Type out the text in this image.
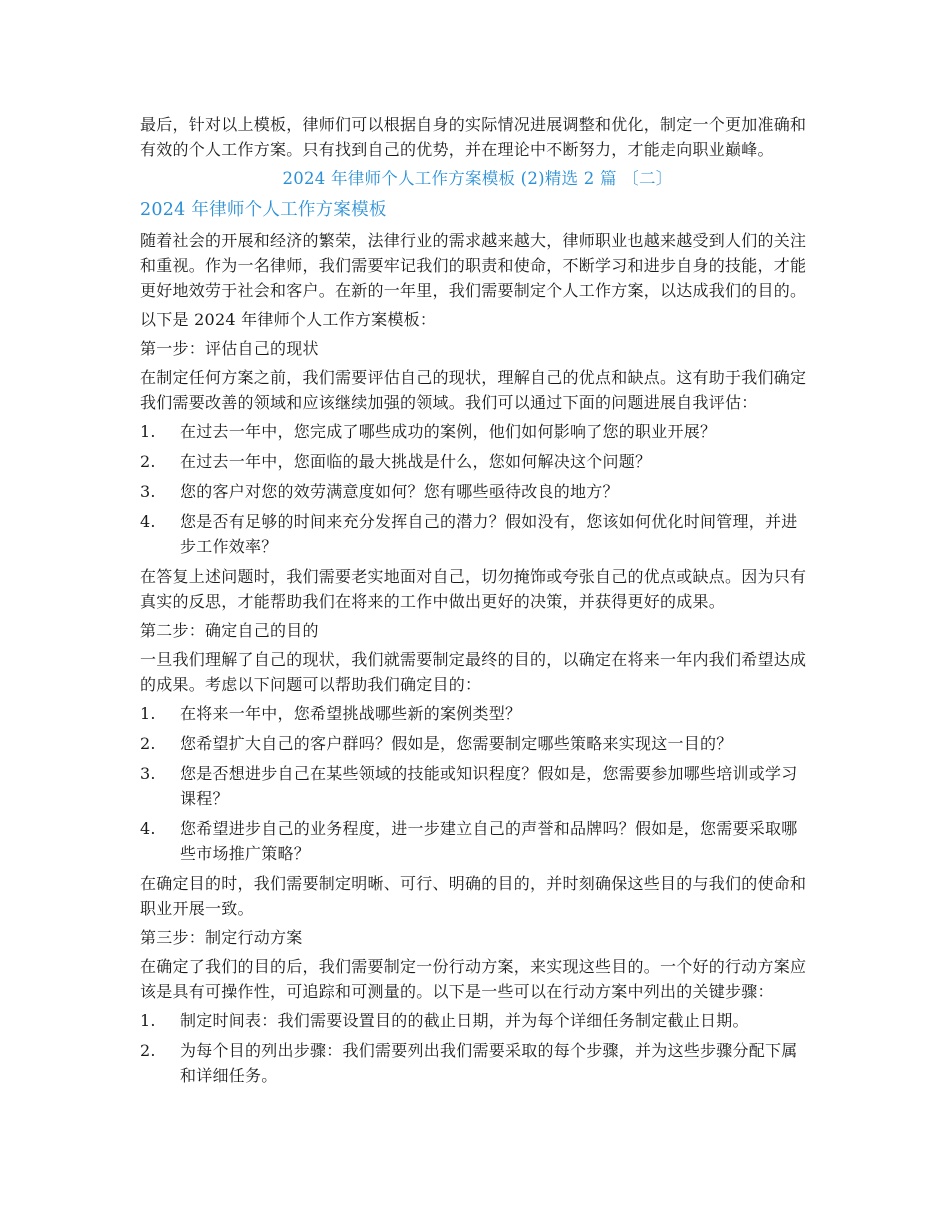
最后，针对以上模板，律师们可以根据自身的实际情况进展调整和优化，制定一个更加准确和

有效的个人工作方案。只有找到自己的优势，并在理论中不断努力，才能走向职业巅峰。

2024 年律师个人工作方案模板 (2)精选 2 篇 〔二〕

2024 年律师个人工作方案模板

随着社会的开展和经济的繁荣，法律行业的需求越来越大，律师职业也越来越受到人们的关注

和重视。作为一名律师，我们需要牢记我们的职责和使命，不断学习和进步自身的技能，才能

更好地效劳于社会和客户。在新的一年里，我们需要制定个人工作方案，以达成我们的目的。

以下是 2024 年律师个人工作方案模板：

第一步：评估自己的现状

在制定任何方案之前，我们需要评估自己的现状，理解自己的优点和缺点。这有助于我们确定

我们需要改善的领域和应该继续加强的领域。我们可以通过下面的问题进展自我评估：

1. 在过去一年中，您完成了哪些成功的案例，他们如何影响了您的职业开展？
2. 在过去一年中，您面临的最大挑战是什么，您如何解决这个问题？
3. 您的客户对您的效劳满意度如何？您有哪些亟待改良的地方？
4. 您是否有足够的时间来充分发挥自己的潜力？假如没有，您该如何优化时间管理，并进
步工作效率？

在答复上述问题时，我们需要老实地面对自己，切勿掩饰或夸张自己的优点或缺点。因为只有

真实的反思，才能帮助我们在将来的工作中做出更好的决策，并获得更好的成果。

第二步：确定自己的目的

一旦我们理解了自己的现状，我们就需要制定最终的目的，以确定在将来一年内我们希望达成

的成果。考虑以下问题可以帮助我们确定目的：

1. 在将来一年中，您希望挑战哪些新的案例类型？
2. 您希望扩大自己的客户群吗？假如是，您需要制定哪些策略来实现这一目的？
3. 您是否想进步自己在某些领域的技能或知识程度？假如是，您需要参加哪些培训或学习
课程？
4. 您希望进步自己的业务程度，进一步建立自己的声誉和品牌吗？假如是，您需要采取哪
些市场推广策略？

在确定目的时，我们需要制定明晰、可行、明确的目的，并时刻确保这些目的与我们的使命和

职业开展一致。

第三步：制定行动方案

在确定了我们的目的后，我们需要制定一份行动方案，来实现这些目的。一个好的行动方案应

该是具有可操作性，可追踪和可测量的。以下是一些可以在行动方案中列出的关键步骤：

1. 制定时间表：我们需要设置目的的截止日期，并为每个详细任务制定截止日期。
2. 为每个目的列出步骤：我们需要列出我们需要采取的每个步骤，并为这些步骤分配下属
和详细任务。
